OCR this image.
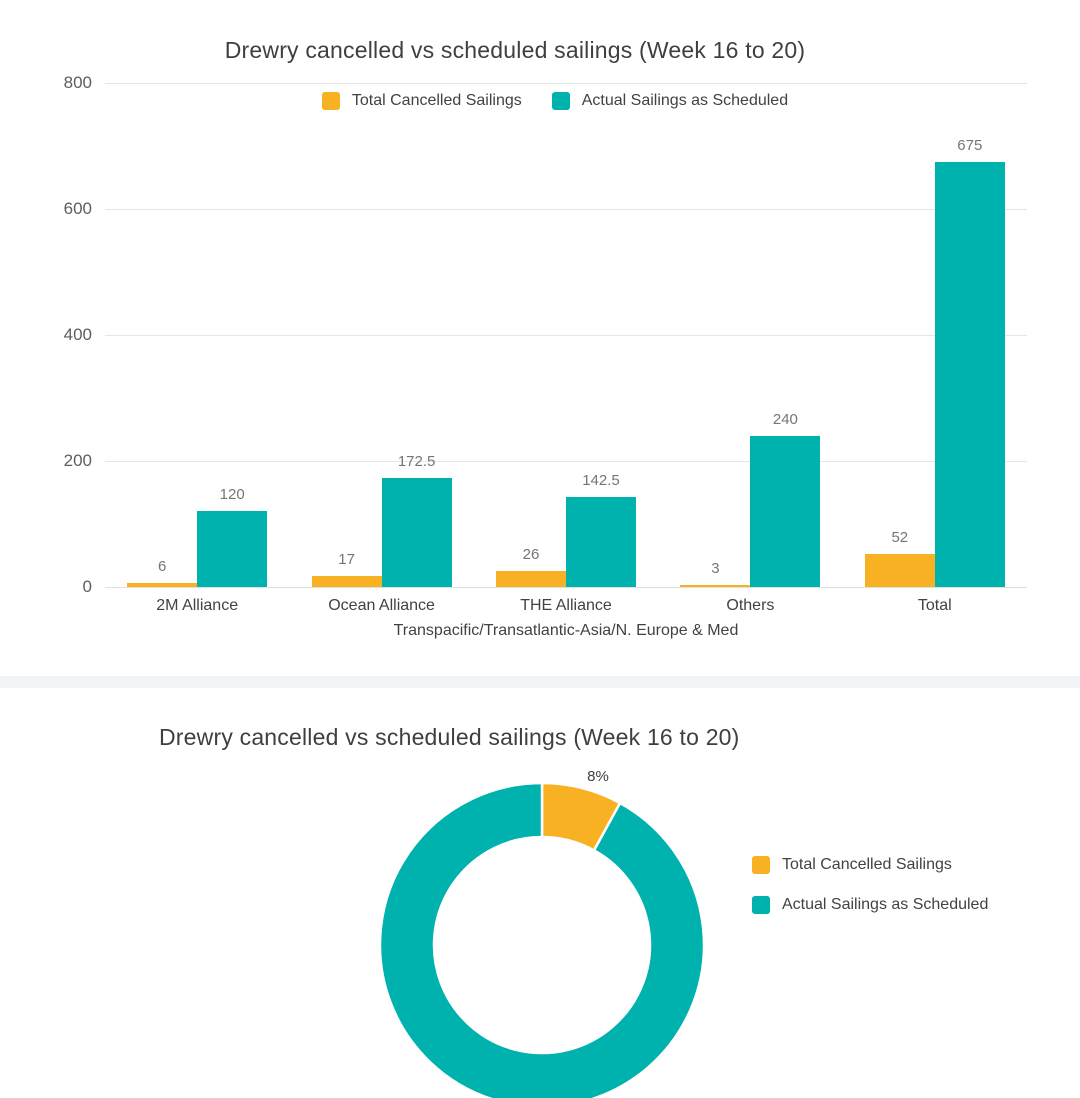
Drewry cancelled vs scheduled sailings (Week 16 to 20)
Total Cancelled Sailings	Actual Sailings as Scheduled
0
200
400
600
800
6
120
2M Alliance
17
172.5
Ocean Alliance
26
142.5
THE Alliance
3
240
Others
52
675
Total
Transpacific/Transatlantic-Asia/N. Europe & Med
Drewry cancelled vs scheduled sailings (Week 16 to 20)
8%
Total Cancelled Sailings
Actual Sailings as Scheduled
